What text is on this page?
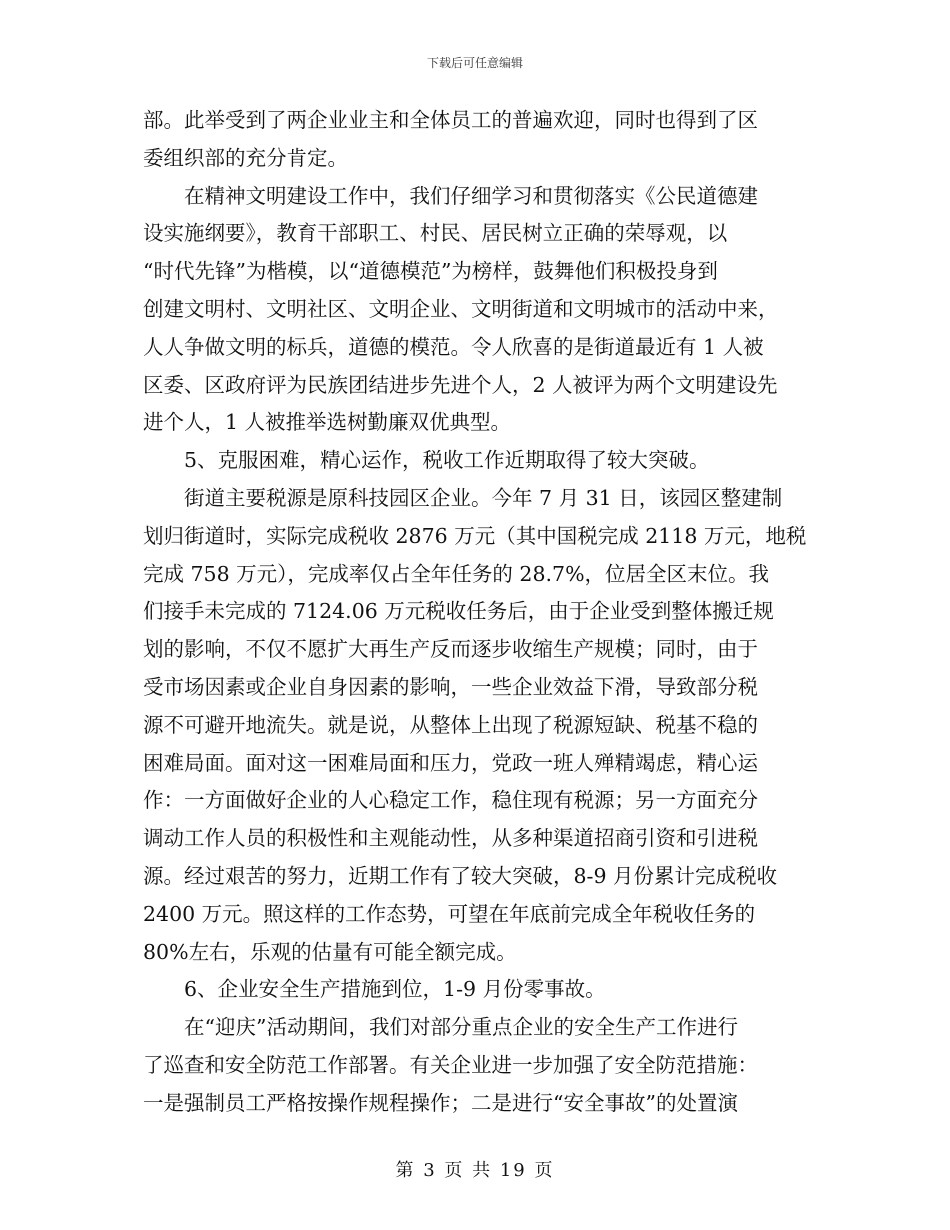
下载后可任意编辑
部。此举受到了两企业业主和全体员工的普遍欢迎，同时也得到了区
委组织部的充分肯定。
在精神文明建设工作中，我们仔细学习和贯彻落实《公民道德建
设实施纲要》，教育干部职工、村民、居民树立正确的荣辱观，以
“时代先锋”为楷模，以“道德模范”为榜样，鼓舞他们积极投身到
创建文明村、文明社区、文明企业、文明街道和文明城市的活动中来，
人人争做文明的标兵，道德的模范。令人欣喜的是街道最近有 1 人被
区委、区政府评为民族团结进步先进个人，2 人被评为两个文明建设先
进个人，1 人被推举选树勤廉双优典型。
5、克服困难，精心运作，税收工作近期取得了较大突破。
街道主要税源是原科技园区企业。今年 7 月 31 日，该园区整建制
划归街道时，实际完成税收 2876 万元（其中国税完成 2118 万元，地税
完成 758 万元），完成率仅占全年任务的 28.7%，位居全区末位。我
们接手未完成的 7124.06 万元税收任务后，由于企业受到整体搬迁规
划的影响，不仅不愿扩大再生产反而逐步收缩生产规模；同时，由于
受市场因素或企业自身因素的影响，一些企业效益下滑，导致部分税
源不可避开地流失。就是说，从整体上出现了税源短缺、税基不稳的
困难局面。面对这一困难局面和压力，党政一班人殚精竭虑，精心运
作：一方面做好企业的人心稳定工作，稳住现有税源；另一方面充分
调动工作人员的积极性和主观能动性，从多种渠道招商引资和引进税
源。经过艰苦的努力，近期工作有了较大突破，8-9 月份累计完成税收
2400 万元。照这样的工作态势，可望在年底前完成全年税收任务的
80%左右，乐观的估量有可能全额完成。
6、企业安全生产措施到位，1-9 月份零事故。
在“迎庆”活动期间，我们对部分重点企业的安全生产工作进行
了巡查和安全防范工作部署。有关企业进一步加强了安全防范措施：
一是强制员工严格按操作规程操作；二是进行“安全事故”的处置演
第 3 页 共 19 页
